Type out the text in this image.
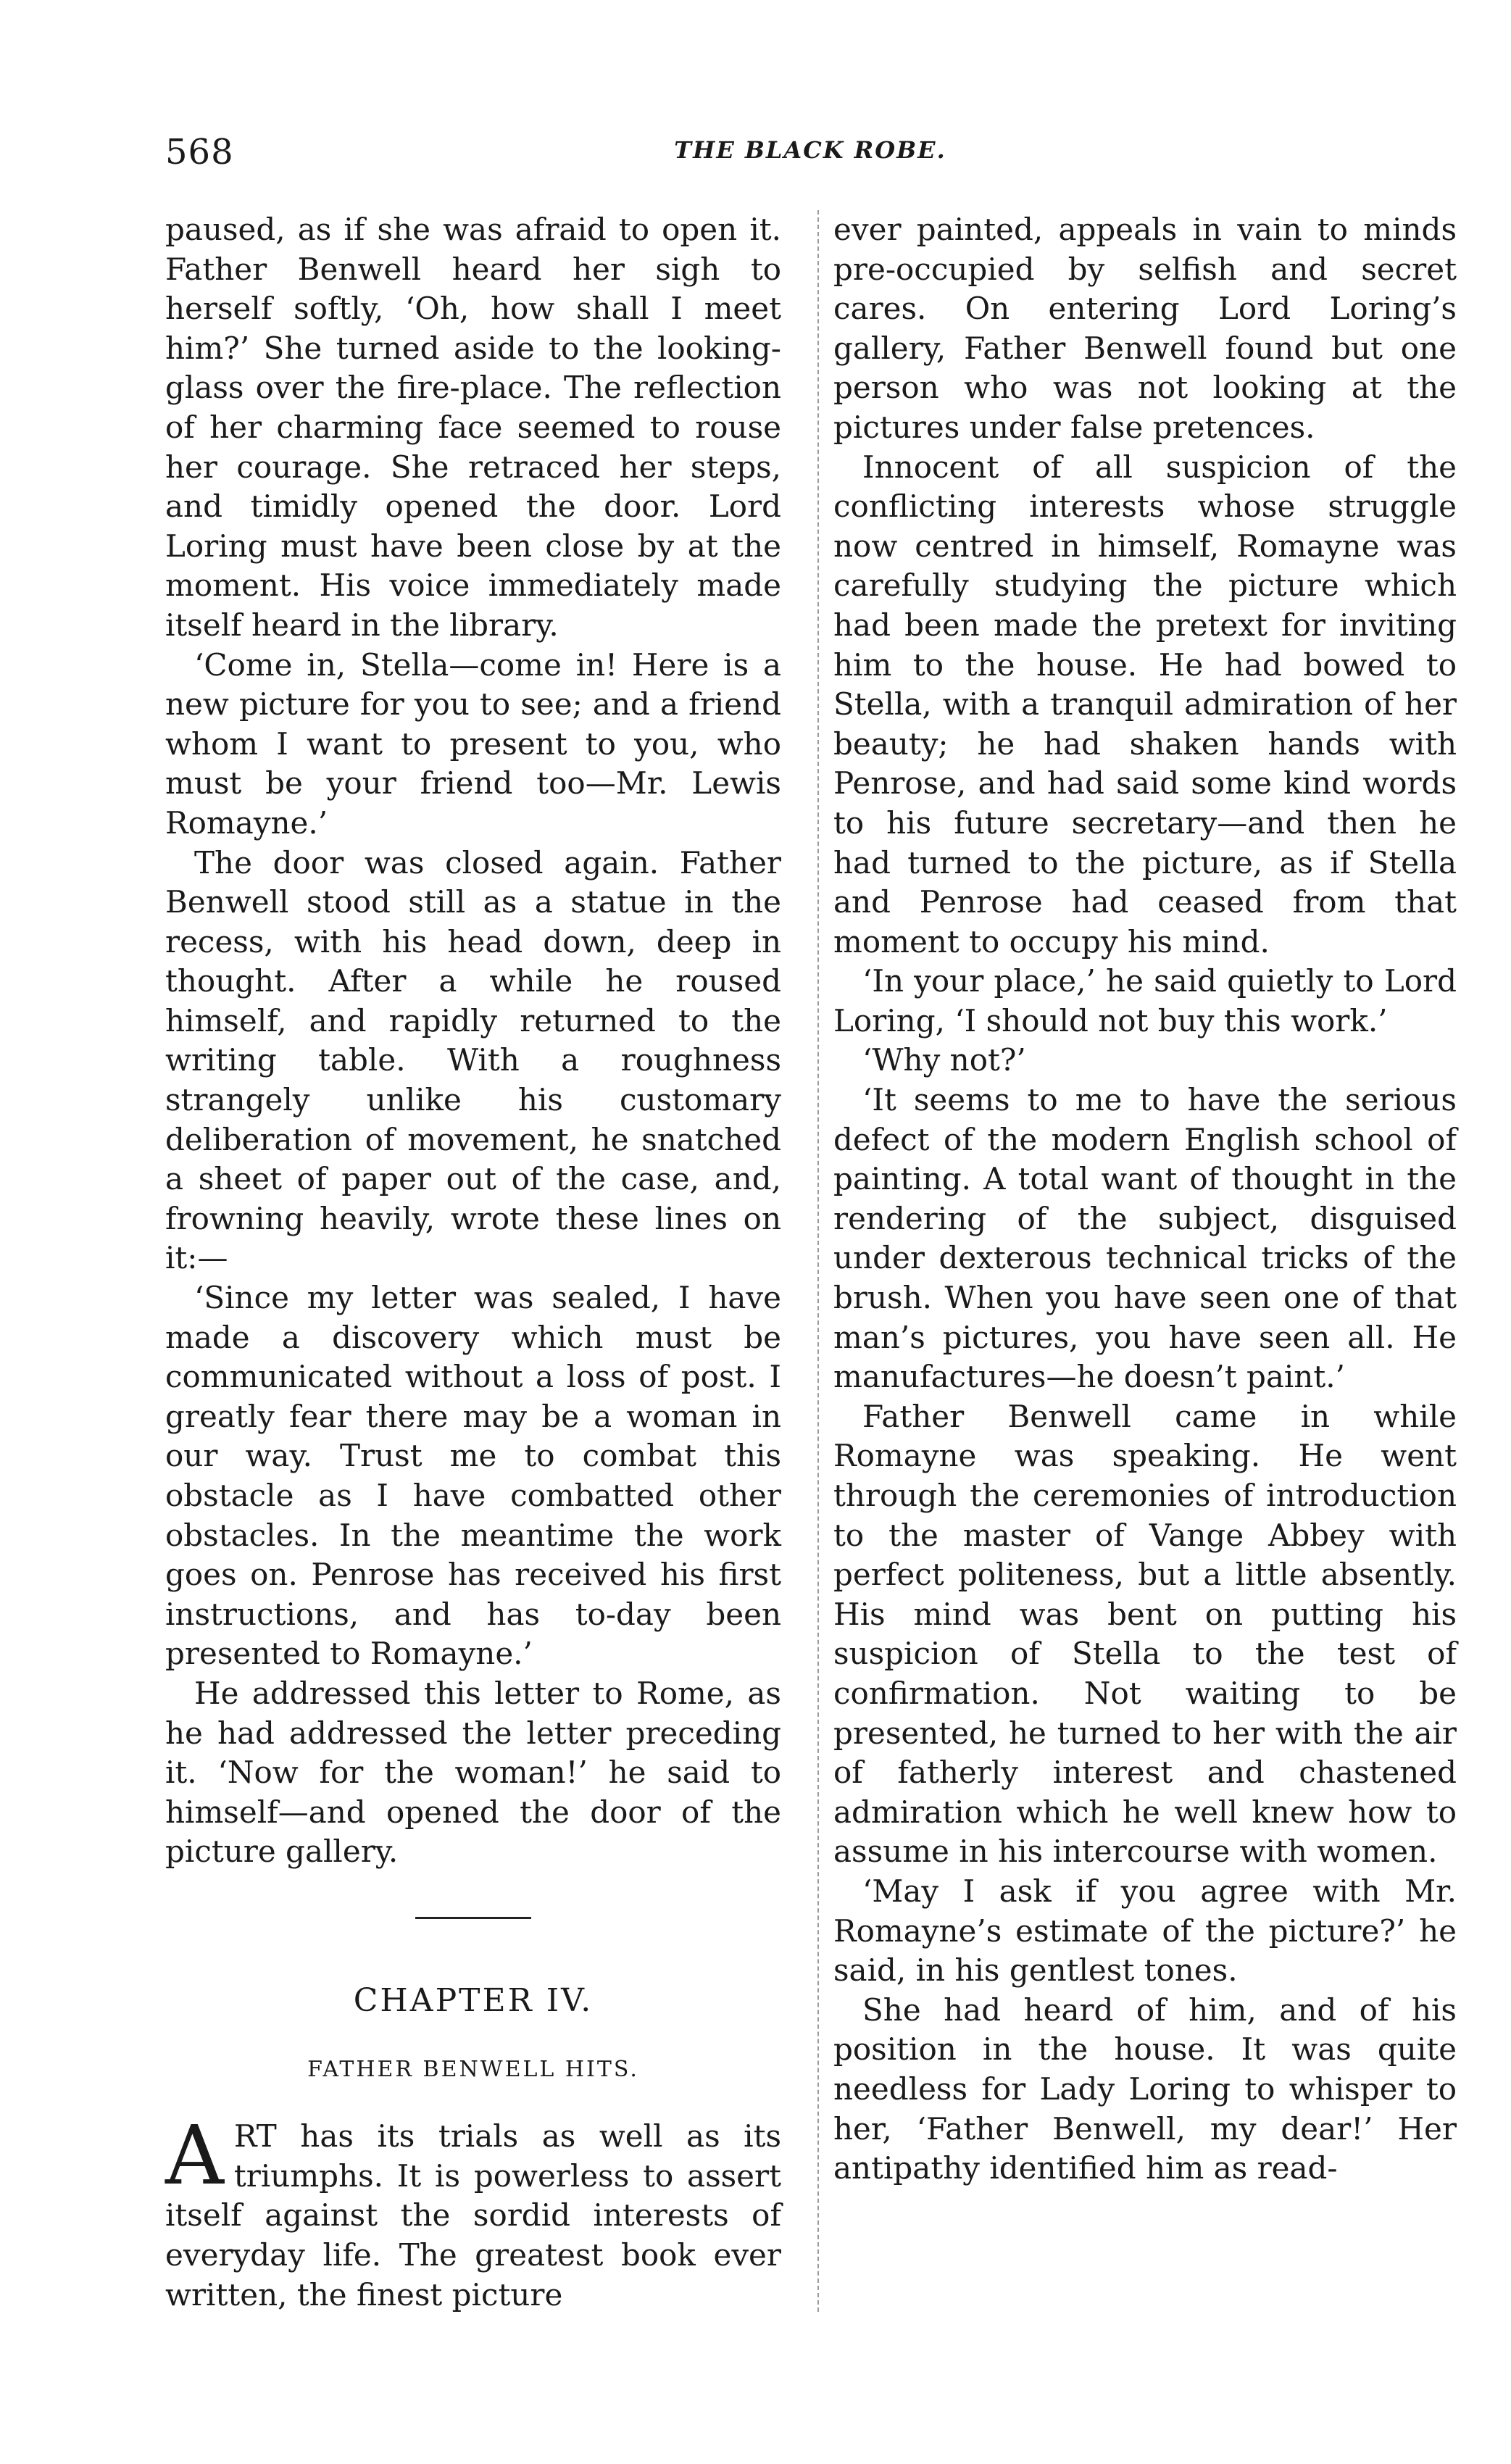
568	THE BLACK ROBE.

paused, as if she was afraid to open it. Father Benwell heard her sigh to herself softly, ‘Oh, how shall I meet him?’ She turned aside to the looking-glass over the fire-place. The reflection of her charming face seemed to rouse her courage. She retraced her steps, and timidly opened the door. Lord Loring must have been close by at the moment. His voice immediately made itself heard in the library.

‘Come in, Stella—come in! Here is a new picture for you to see; and a friend whom I want to present to you, who must be your friend too—Mr. Lewis Romayne.’

The door was closed again. Father Benwell stood still as a statue in the recess, with his head down, deep in thought. After a while he roused himself, and rapidly returned to the writing table. With a roughness strangely unlike his customary deliberation of movement, he snatched a sheet of paper out of the case, and, frowning heavily, wrote these lines on it:—

‘Since my letter was sealed, I have made a discovery which must be communicated without a loss of post. I greatly fear there may be a woman in our way. Trust me to combat this obstacle as I have combatted other obstacles. In the meantime the work goes on. Penrose has received his first instructions, and has to-day been presented to Romayne.’

He addressed this letter to Rome, as he had addressed the letter preceding it. ‘Now for the woman!’ he said to himself—and opened the door of the picture gallery.

CHAPTER IV.
FATHER BENWELL HITS.

ART has its trials as well as its triumphs. It is powerless to assert itself against the sordid interests of everyday life. The greatest book ever written, the finest picture

ever painted, appeals in vain to minds pre-occupied by selfish and secret cares. On entering Lord Loring’s gallery, Father Benwell found but one person who was not looking at the pictures under false pretences.

Innocent of all suspicion of the conflicting interests whose struggle now centred in himself, Romayne was carefully studying the picture which had been made the pretext for inviting him to the house. He had bowed to Stella, with a tranquil admiration of her beauty; he had shaken hands with Penrose, and had said some kind words to his future secretary—and then he had turned to the picture, as if Stella and Penrose had ceased from that moment to occupy his mind.

‘In your place,’ he said quietly to Lord Loring, ‘I should not buy this work.’

‘Why not?’

‘It seems to me to have the serious defect of the modern English school of painting. A total want of thought in the rendering of the subject, disguised under dexterous technical tricks of the brush. When you have seen one of that man’s pictures, you have seen all. He manufactures—he doesn’t paint.’

Father Benwell came in while Romayne was speaking. He went through the ceremonies of introduction to the master of Vange Abbey with perfect politeness, but a little absently. His mind was bent on putting his suspicion of Stella to the test of confirmation. Not waiting to be presented, he turned to her with the air of fatherly interest and chastened admiration which he well knew how to assume in his intercourse with women.

‘May I ask if you agree with Mr. Romayne’s estimate of the picture?’ he said, in his gentlest tones.

She had heard of him, and of his position in the house. It was quite needless for Lady Loring to whisper to her, ‘Father Benwell, my dear!’ Her antipathy identified him as read-
